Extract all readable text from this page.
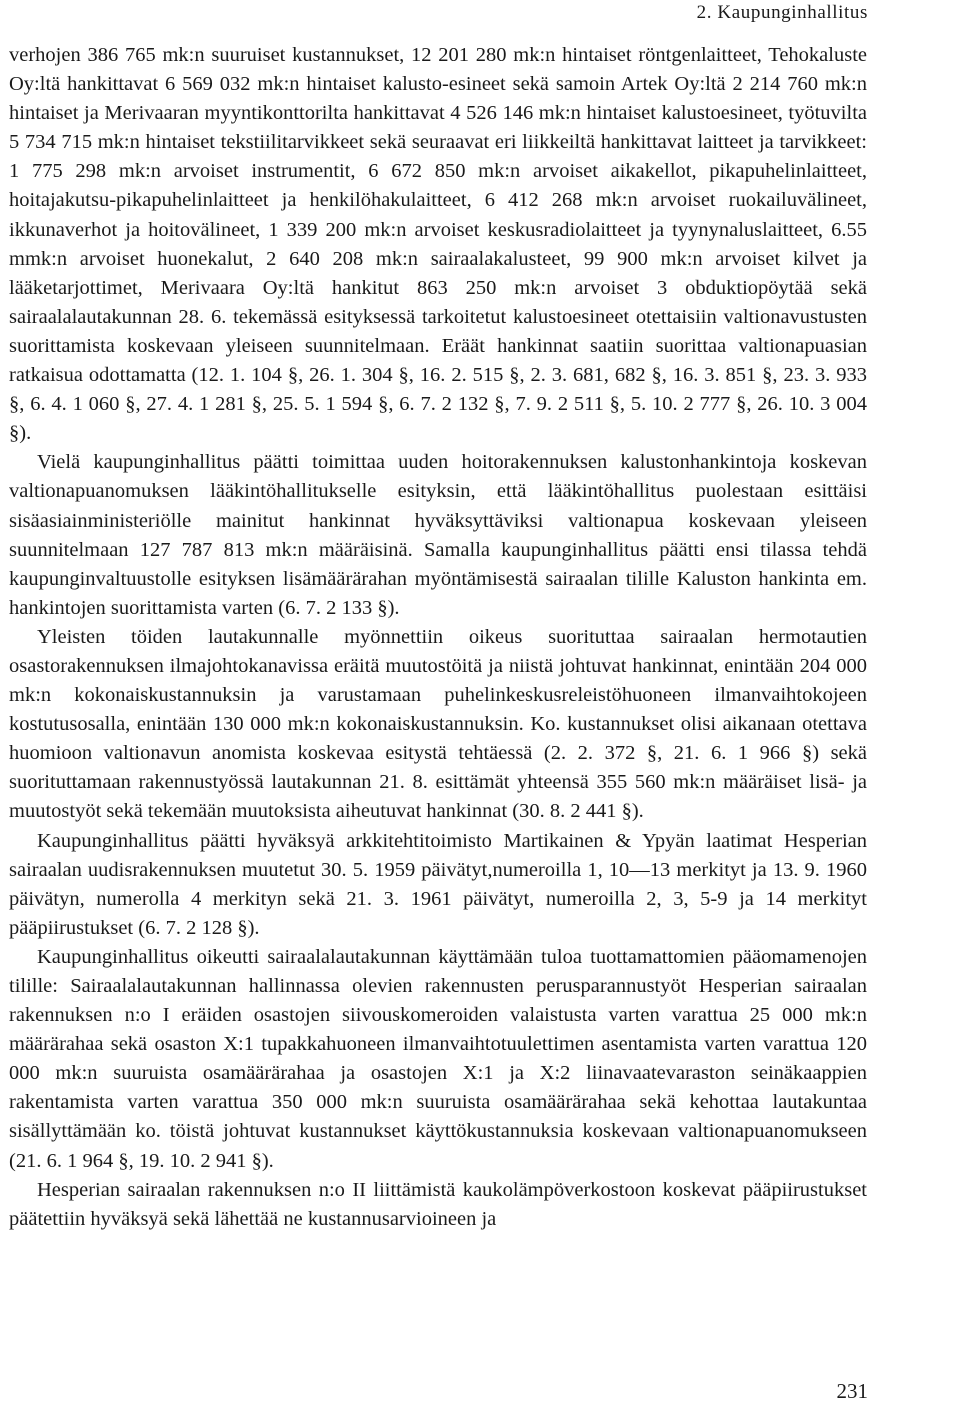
2. Kaupunginhallitus

verhojen 386 765 mk:n suuruiset kustannukset, 12 201 280 mk:n hintaiset röntgenlaitteet, Tehokaluste Oy:ltä hankittavat 6 569 032 mk:n hintaiset kalusto-esineet sekä samoin Artek Oy:ltä 2 214 760 mk:n hintaiset ja Merivaaran myyntikonttorilta hankittavat 4 526 146 mk:n hintaiset kalustoesineet, työtuvilta 5 734 715 mk:n hintaiset tekstiilitarvikkeet sekä seuraavat eri liikkeiltä hankittavat laitteet ja tarvikkeet: 1 775 298 mk:n arvoiset instrumentit, 6 672 850 mk:n arvoiset aikakellot, pikapuhelinlaitteet, hoitajakutsu-pikapuhelinlaitteet ja henkilöhakulaitteet, 6 412 268 mk:n arvoiset ruokailuvälineet, ikkunaverhot ja hoitovälineet, 1 339 200 mk:n arvoiset keskusradiolaitteet ja tyynynaluslaitteet, 6.55 mmk:n arvoiset huonekalut, 2 640 208 mk:n sairaalakalusteet, 99 900 mk:n arvoiset kilvet ja lääketarjottimet, Merivaara Oy:ltä hankitut 863 250 mk:n arvoiset 3 obduktiopöytää sekä sairaalalautakunnan 28. 6. tekemässä esityksessä tarkoitetut kalustoesineet otettaisiin valtionavustusten suorittamista koskevaan yleiseen suunnitelmaan. Eräät hankinnat saatiin suorittaa valtionapuasian ratkaisua odottamatta (12. 1. 104 §, 26. 1. 304 §, 16. 2. 515 §, 2. 3. 681, 682 §, 16. 3. 851 §, 23. 3. 933 §, 6. 4. 1 060 §, 27. 4. 1 281 §, 25. 5. 1 594 §, 6. 7. 2 132 §, 7. 9. 2 511 §, 5. 10. 2 777 §, 26. 10. 3 004 §).

Vielä kaupunginhallitus päätti toimittaa uuden hoitorakennuksen kalustonhankintoja koskevan valtionapuanomuksen lääkintöhallitukselle esityksin, että lääkintöhallitus puolestaan esittäisi sisäasiainministeriölle mainitut hankinnat hyväksyttäviksi valtionapua koskevaan yleiseen suunnitelmaan 127 787 813 mk:n määräisinä. Samalla kaupunginhallitus päätti ensi tilassa tehdä kaupunginvaltuustolle esityksen lisämäärärahan myöntämisestä sairaalan tilille Kaluston hankinta em. hankintojen suorittamista varten (6. 7. 2 133 §).

Yleisten töiden lautakunnalle myönnettiin oikeus suorituttaa sairaalan hermotautien osastorakennuksen ilmajohtokanavissa eräitä muutostöitä ja niistä johtuvat hankinnat, enintään 204 000 mk:n kokonaiskustannuksin ja varustamaan puhelinkeskusreleistöhuoneen ilmanvaihtokojeen kostutusosalla, enintään 130 000 mk:n kokonaiskustannuksin. Ko. kustannukset olisi aikanaan otettava huomioon valtionavun anomista koskevaa esitystä tehtäessä (2. 2. 372 §, 21. 6. 1 966 §) sekä suorituttamaan rakennustyössä lautakunnan 21. 8. esittämät yhteensä 355 560 mk:n määräiset lisä- ja muutostyöt sekä tekemään muutoksista aiheutuvat hankinnat (30. 8. 2 441 §).

Kaupunginhallitus päätti hyväksyä arkkitehtitoimisto Martikainen & Ypyän laatimat Hesperian sairaalan uudisrakennuksen muutetut 30. 5. 1959 päivätyt,numeroilla 1, 10—13 merkityt ja 13. 9. 1960 päivätyn, numerolla 4 merkityn sekä 21. 3. 1961 päivätyt, numeroilla 2, 3, 5-9 ja 14 merkityt pääpiirustukset (6. 7. 2 128 §).

Kaupunginhallitus oikeutti sairaalalautakunnan käyttämään tuloa tuottamattomien pääomamenojen tilille: Sairaalalautakunnan hallinnassa olevien rakennusten perusparannustyöt Hesperian sairaalan rakennuksen n:o I eräiden osastojen siivouskomeroiden valaistusta varten varattua 25 000 mk:n määrärahaa sekä osaston X:1 tupakkahuoneen ilmanvaihtotuulettimen asentamista varten varattua 120 000 mk:n suuruista osamäärärahaa ja osastojen X:1 ja X:2 liinavaatevaraston seinäkaappien rakentamista varten varattua 350 000 mk:n suuruista osamäärärahaa sekä kehottaa lautakuntaa sisällyttämään ko. töistä johtuvat kustannukset käyttökustannuksia koskevaan valtionapuanomukseen (21. 6. 1 964 §, 19. 10. 2 941 §).

Hesperian sairaalan rakennuksen n:o II liittämistä kaukolämpöverkostoon koskevat pääpiirustukset päätettiin hyväksyä sekä lähettää ne kustannusarvioineen ja

231
